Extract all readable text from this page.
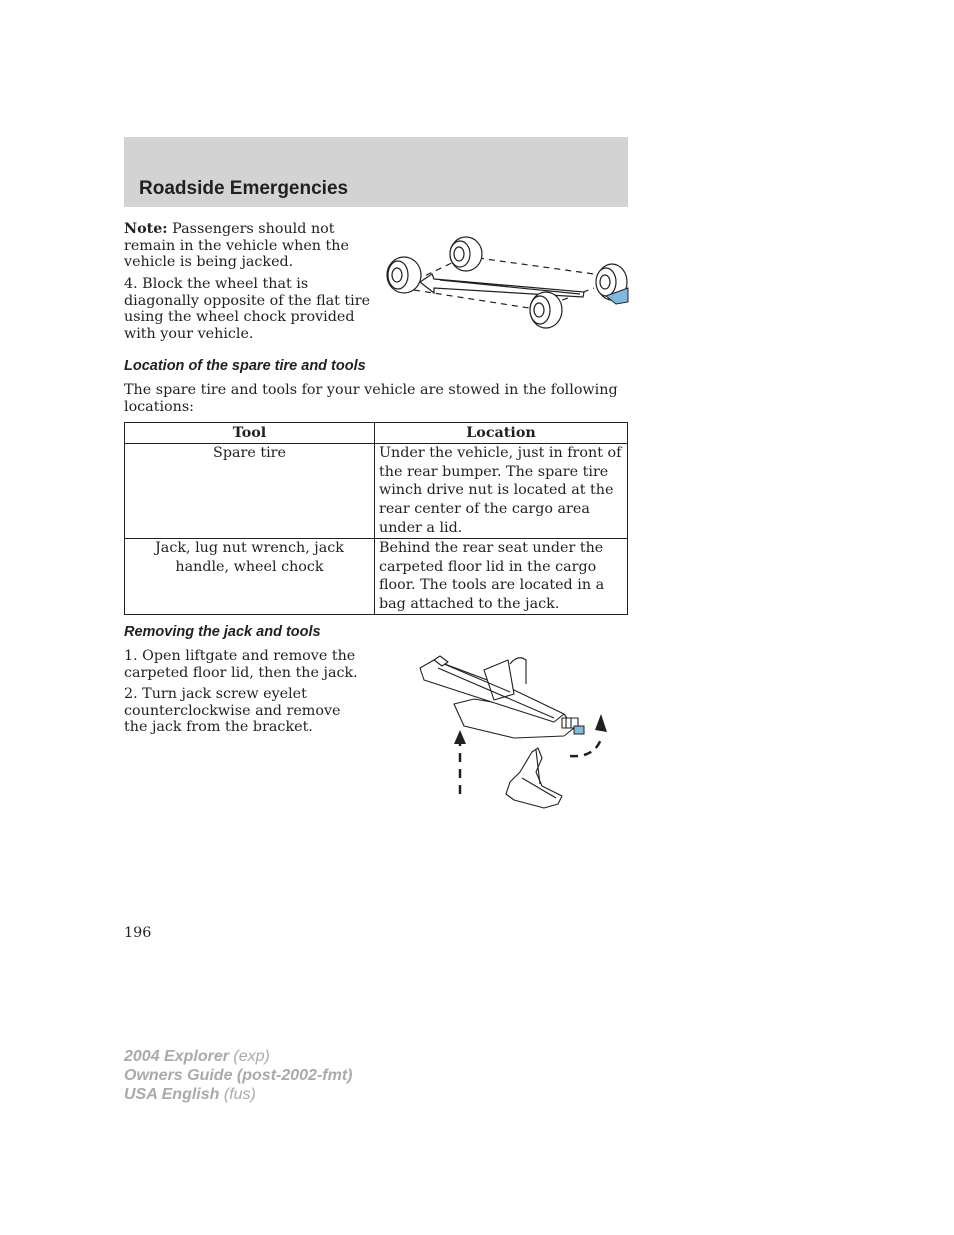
Roadside Emergencies

Note: Passengers should not remain in the vehicle when the vehicle is being jacked.

4. Block the wheel that is diagonally opposite of the flat tire using the wheel chock provided with your vehicle.

Location of the spare tire and tools

The spare tire and tools for your vehicle are stowed in the following locations:

Tool	Location
Spare tire	Under the vehicle, just in front of the rear bumper. The spare tire winch drive nut is located at the rear center of the cargo area under a lid.
Jack, lug nut wrench, jack handle, wheel chock	Behind the rear seat under the carpeted floor lid in the cargo floor. The tools are located in a bag attached to the jack.
Removing the jack and tools

1. Open liftgate and remove the carpeted floor lid, then the jack.

2. Turn jack screw eyelet counterclockwise and remove the jack from the bracket.

196
2004 Explorer (exp)
Owners Guide (post-2002-fmt)
USA English (fus)
